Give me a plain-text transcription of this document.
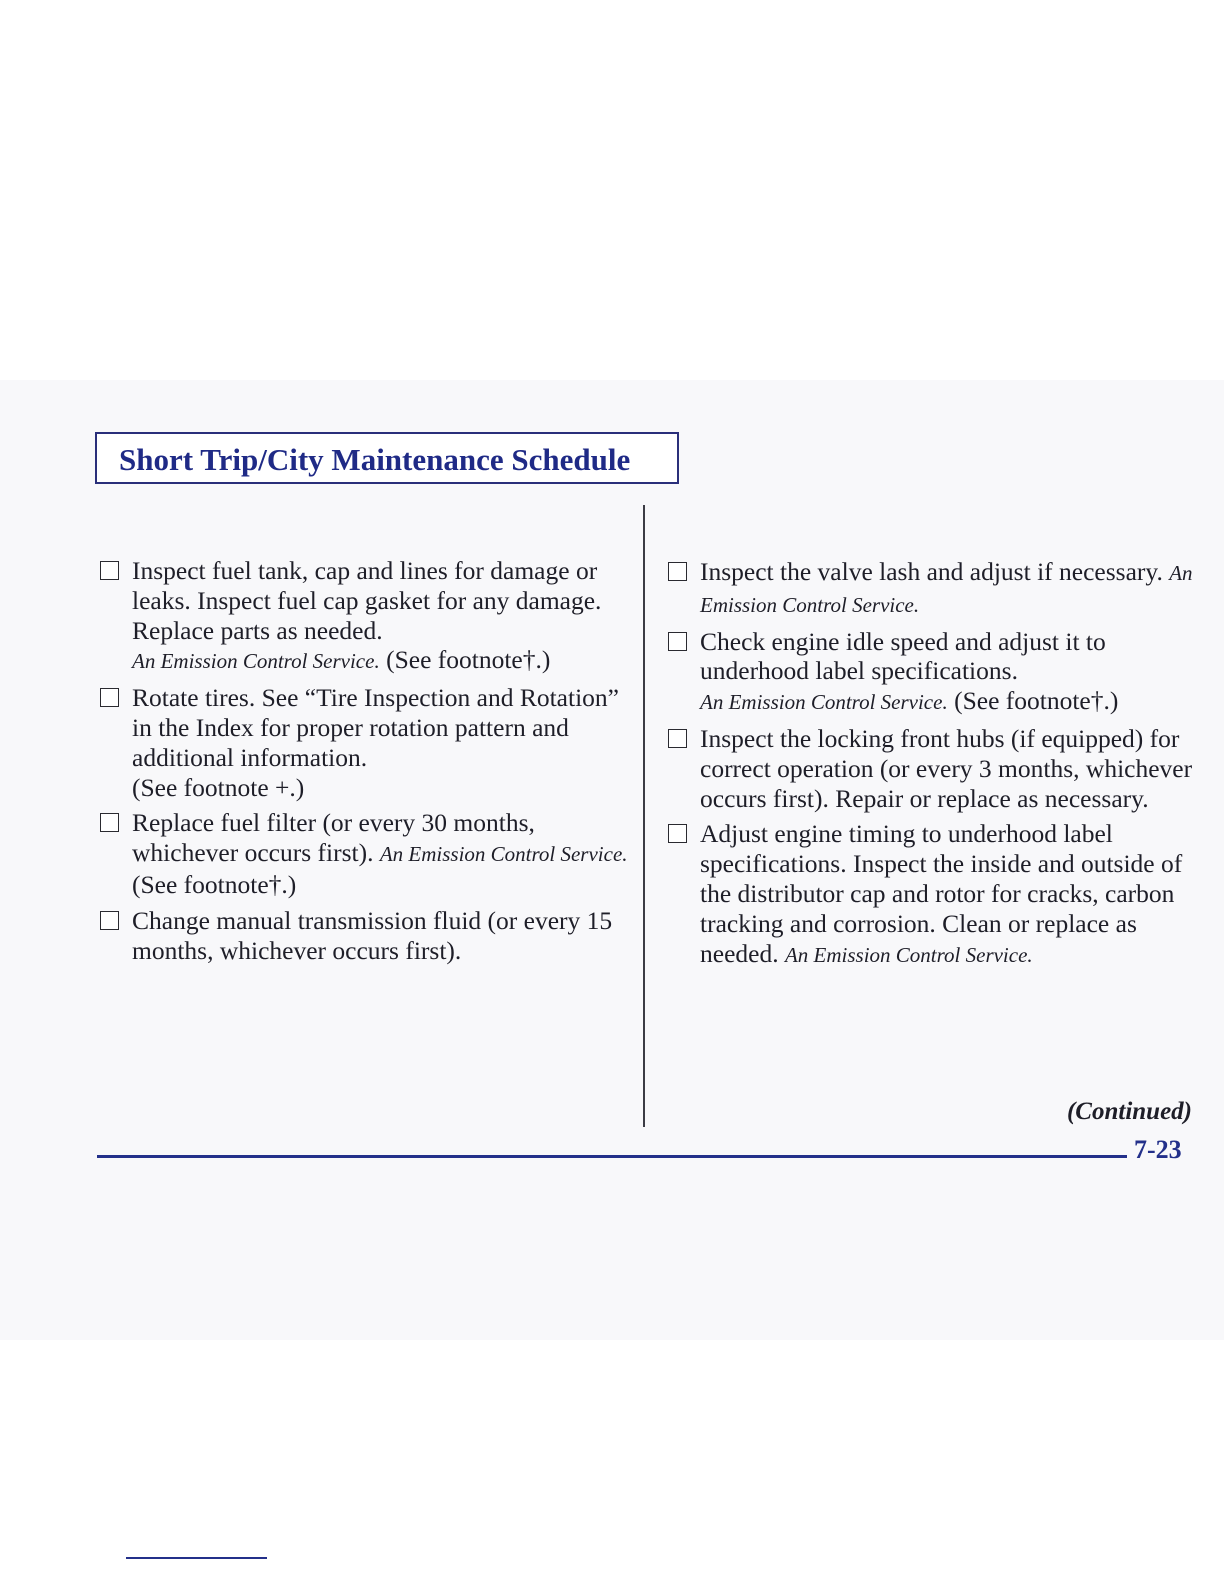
Short Trip/City Maintenance Schedule
Inspect fuel tank, cap and lines for damage or leaks. Inspect fuel cap gasket for any damage. Replace parts as needed.
An Emission Control Service. (See footnote†.)
Rotate tires. See “Tire Inspection and Rotation” in the Index for proper rotation pattern and additional information.
(See footnote +.)
Replace fuel filter (or every 30 months, whichever occurs first). An Emission Control Service. (See footnote†.)
Change manual transmission fluid (or every 15 months, whichever occurs first).
Inspect the valve lash and adjust if necessary. An Emission Control Service.
Check engine idle speed and adjust it to underhood label specifications.
An Emission Control Service. (See footnote†.)
Inspect the locking front hubs (if equipped) for correct operation (or every 3 months, whichever occurs first). Repair or replace as necessary.
Adjust engine timing to underhood label specifications. Inspect the inside and outside of the distributor cap and rotor for cracks, carbon tracking and corrosion. Clean or replace as needed. An Emission Control Service.
(Continued)
7-23
